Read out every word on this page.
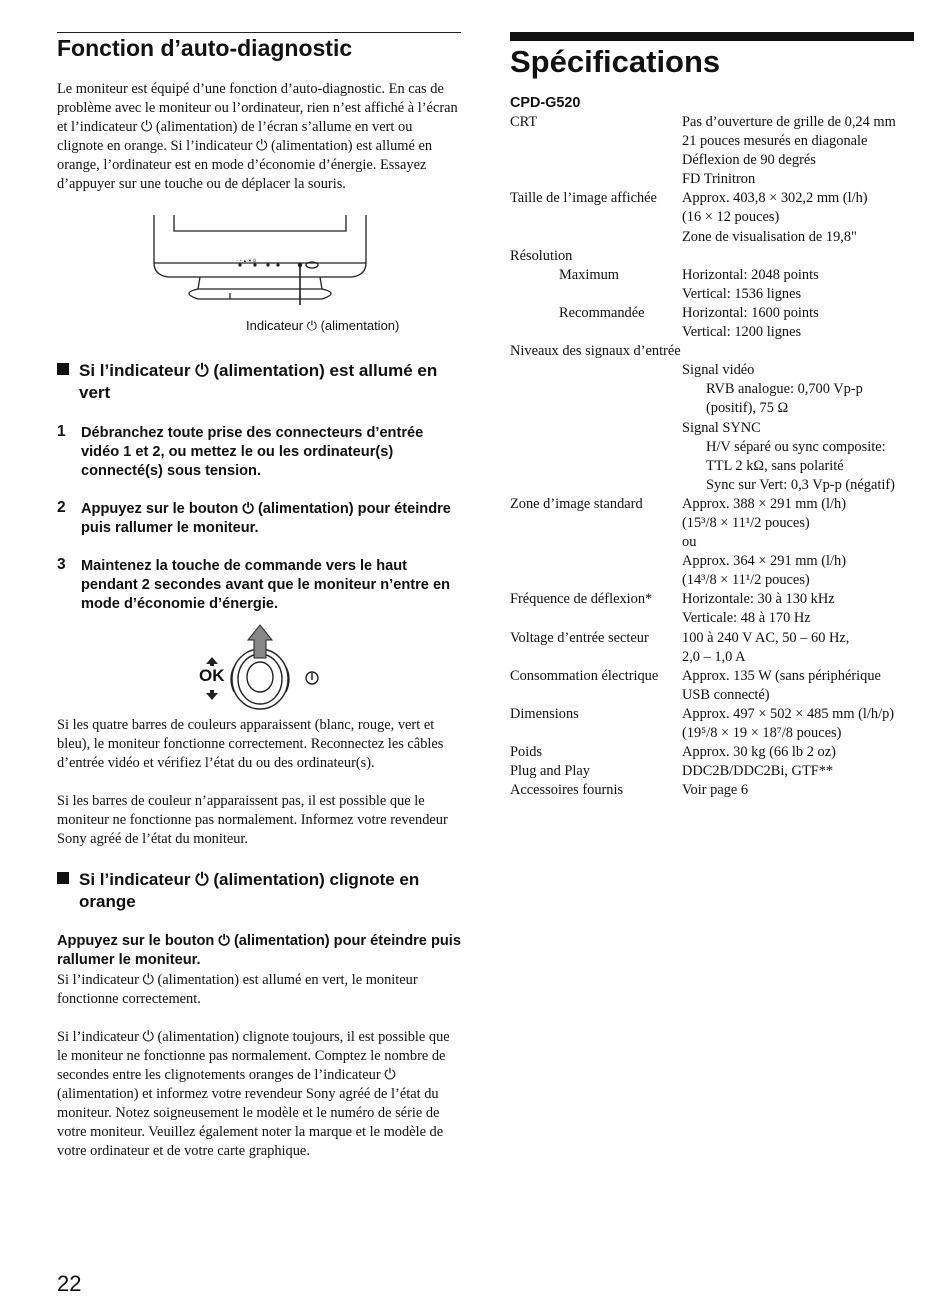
Fonction d’auto-diagnostic

Le moniteur est équipé d’une fonction d’auto-diagnostic. En cas de problème avec le moniteur ou l’ordinateur, rien n’est affiché à l’écran et l’indicateur ⏻ (alimentation) de l’écran s’allume en vert ou clignote en orange. Si l’indicateur ⏻ (alimentation) est allumé en orange, l’ordinateur est en mode d’économie d’énergie. Essayez d’appuyer sur une touche ou de déplacer la souris.

− + ▲ ▼ ⏻
Indicateur ⏻ (alimentation)
Si l’indicateur ⏻ (alimentation) est allumé en vert
1 Débranchez toute prise des connecteurs d’entrée vidéo 1 et 2, ou mettez le ou les ordinateur(s) connecté(s) sous tension.
2 Appuyez sur le bouton ⏻ (alimentation) pour éteindre puis rallumer le moniteur.
3 Maintenez la touche de commande vers le haut pendant 2 secondes avant que le moniteur n’entre en mode d’économie d’énergie.
OK

Si les quatre barres de couleurs apparaissent (blanc, rouge, vert et bleu), le moniteur fonctionne correctement. Reconnectez les câbles d’entrée vidéo et vérifiez l’état du ou des ordinateur(s).

Si les barres de couleur n’apparaissent pas, il est possible que le moniteur ne fonctionne pas normalement. Informez votre revendeur Sony agréé de l’état du moniteur.

Si l’indicateur ⏻ (alimentation) clignote en orange
Appuyez sur le bouton ⏻ (alimentation) pour éteindre puis rallumer le moniteur.

Si l’indicateur ⏻ (alimentation) est allumé en vert, le moniteur fonctionne correctement.

Si l’indicateur ⏻ (alimentation) clignote toujours, il est possible que le moniteur ne fonctionne pas normalement. Comptez le nombre de secondes entre les clignotements oranges de l’indicateur ⏻ (alimentation) et informez votre revendeur Sony agréé de l’état du moniteur. Notez soigneusement le modèle et le numéro de série de votre moniteur. Veuillez également noter la marque et le modèle de votre ordinateur et de votre carte graphique.

22
Spécifications
CPD-G520
CRT	Pas d’ouverture de grille de 0,24 mm
21 pouces mesurés en diagonale
Déflexion de 90 degrés
FD Trinitron
Taille de l’image affichée	Approx. 403,8 × 302,2 mm (l/h)
(16 × 12 pouces)
Zone de visualisation de 19,8"
Résolution
Maximum	Horizontal: 2048 points
Vertical: 1536 lignes
Recommandée	Horizontal: 1600 points
Vertical: 1200 lignes
Niveaux des signaux d’entrée
Signal vidéo
RVB analogue: 0,700 Vp-p
(positif), 75 Ω
Signal SYNC
H/V séparé ou sync composite:
TTL 2 kΩ, sans polarité
Sync sur Vert: 0,3 Vp-p (négatif)
Zone d’image standard	Approx. 388 × 291 mm (l/h)
(15³/8 × 11¹/2 pouces)
ou
Approx. 364 × 291 mm (l/h)
(14³/8 × 11¹/2 pouces)
Fréquence de déflexion*	Horizontale: 30 à 130 kHz
Verticale: 48 à 170 Hz
Voltage d’entrée secteur	100 à 240 V AC, 50 – 60 Hz,
2,0 – 1,0 A
Consommation électrique	Approx. 135 W (sans périphérique
USB connecté)
Dimensions	Approx. 497 × 502 × 485 mm (l/h/p)
(19⁵/8 × 19 × 18⁷/8 pouces)
Poids	Approx. 30 kg (66 lb 2 oz)
Plug and Play	DDC2B/DDC2Bi, GTF**
Accessoires fournis	Voir page 6
